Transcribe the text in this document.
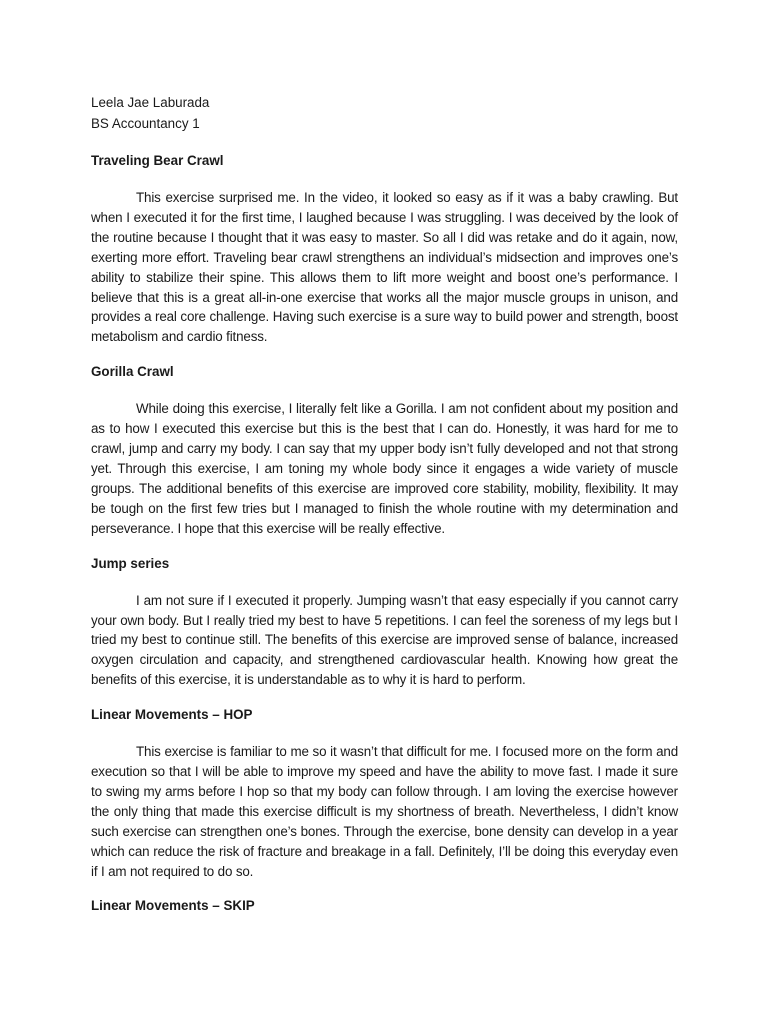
Leela Jae Laburada

BS Accountancy 1

Traveling Bear Crawl

This exercise surprised me. In the video, it looked so easy as if it was a baby crawling. But when I executed it for the first time, I laughed because I was struggling. I was deceived by the look of the routine because I thought that it was easy to master. So all I did was retake and do it again, now, exerting more effort. Traveling bear crawl strengthens an individual’s midsection and improves one’s ability to stabilize their spine. This allows them to lift more weight and boost one’s performance. I believe that this is a great all-in-one exercise that works all the major muscle groups in unison, and provides a real core challenge. Having such exercise is a sure way to build power and strength, boost metabolism and cardio fitness.

Gorilla Crawl

While doing this exercise, I literally felt like a Gorilla. I am not confident about my position and as to how I executed this exercise but this is the best that I can do. Honestly, it was hard for me to crawl, jump and carry my body. I can say that my upper body isn’t fully developed and not that strong yet. Through this exercise, I am toning my whole body since it engages a wide variety of muscle groups. The additional benefits of this exercise are improved core stability, mobility, flexibility. It may be tough on the first few tries but I managed to finish the whole routine with my determination and perseverance. I hope that this exercise will be really effective.

Jump series

I am not sure if I executed it properly. Jumping wasn’t that easy especially if you cannot carry your own body. But I really tried my best to have 5 repetitions. I can feel the soreness of my legs but I tried my best to continue still. The benefits of this exercise are improved sense of balance, increased oxygen circulation and capacity, and strengthened cardiovascular health. Knowing how great the benefits of this exercise, it is understandable as to why it is hard to perform.

Linear Movements – HOP

This exercise is familiar to me so it wasn’t that difficult for me. I focused more on the form and execution so that I will be able to improve my speed and have the ability to move fast. I made it sure to swing my arms before I hop so that my body can follow through. I am loving the exercise however the only thing that made this exercise difficult is my shortness of breath. Nevertheless, I didn’t know such exercise can strengthen one’s bones. Through the exercise, bone density can develop in a year which can reduce the risk of fracture and breakage in a fall. Definitely, I’ll be doing this everyday even if I am not required to do so.

Linear Movements – SKIP
